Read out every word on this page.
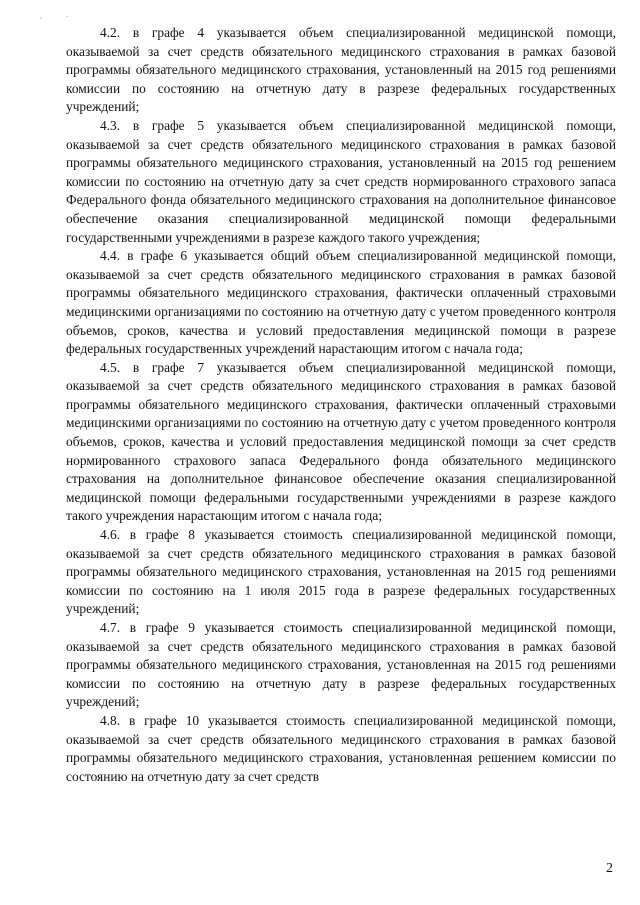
'	·

4.2. в графе 4 указывается объем специализированной медицинской помощи, оказываемой за счет средств обязательного медицинского страхования в рамках базовой программы обязательного медицинского страхования, установленный на 2015 год решениями комиссии по состоянию на отчетную дату в разрезе федеральных государственных учреждений;

4.3. в графе 5 указывается объем специализированной медицинской помощи, оказываемой за счет средств обязательного медицинского страхования в рамках базовой программы обязательного медицинского страхования, установленный на 2015 год решением комиссии по состоянию на отчетную дату за счет средств нормированного страхового запаса Федерального фонда обязательного медицинского страхования на дополнительное финансовое обеспечение оказания специализированной медицинской помощи федеральными государственными учреждениями в разрезе каждого такого учреждения;

4.4. в графе 6 указывается общий объем специализированной медицинской помощи, оказываемой за счет средств обязательного медицинского страхования в рамках базовой программы обязательного медицинского страхования, фактически оплаченный страховыми медицинскими организациями по состоянию на отчетную дату с учетом проведенного контроля объемов, сроков, качества и условий предоставления медицинской помощи в разрезе федеральных государственных учреждений нарастающим итогом с начала года;

4.5. в графе 7 указывается объем специализированной медицинской помощи, оказываемой за счет средств обязательного медицинского страхования в рамках базовой программы обязательного медицинского страхования, фактически оплаченный страховыми медицинскими организациями по состоянию на отчетную дату с учетом проведенного контроля объемов, сроков, качества и условий предоставления медицинской помощи за счет средств нормированного страхового запаса Федерального фонда обязательного медицинского страхования на дополнительное финансовое обеспечение оказания специализированной медицинской помощи федеральными государственными учреждениями в разрезе каждого такого учреждения нарастающим итогом с начала года;

4.6. в графе 8 указывается стоимость специализированной медицинской помощи, оказываемой за счет средств обязательного медицинского страхования в рамках базовой программы обязательного медицинского страхования, установленная на 2015 год решениями комиссии по состоянию на 1 июля 2015 года в разрезе федеральных государственных учреждений;

4.7. в графе 9 указывается стоимость специализированной медицинской помощи, оказываемой за счет средств обязательного медицинского страхования в рамках базовой программы обязательного медицинского страхования, установленная на 2015 год решениями комиссии по состоянию на отчетную дату в разрезе федеральных государственных учреждений;

4.8. в графе 10 указывается стоимость специализированной медицинской помощи, оказываемой за счет средств обязательного медицинского страхования в рамках базовой программы обязательного медицинского страхования, установленная решением комиссии по состоянию на отчетную дату за счет средств

2
